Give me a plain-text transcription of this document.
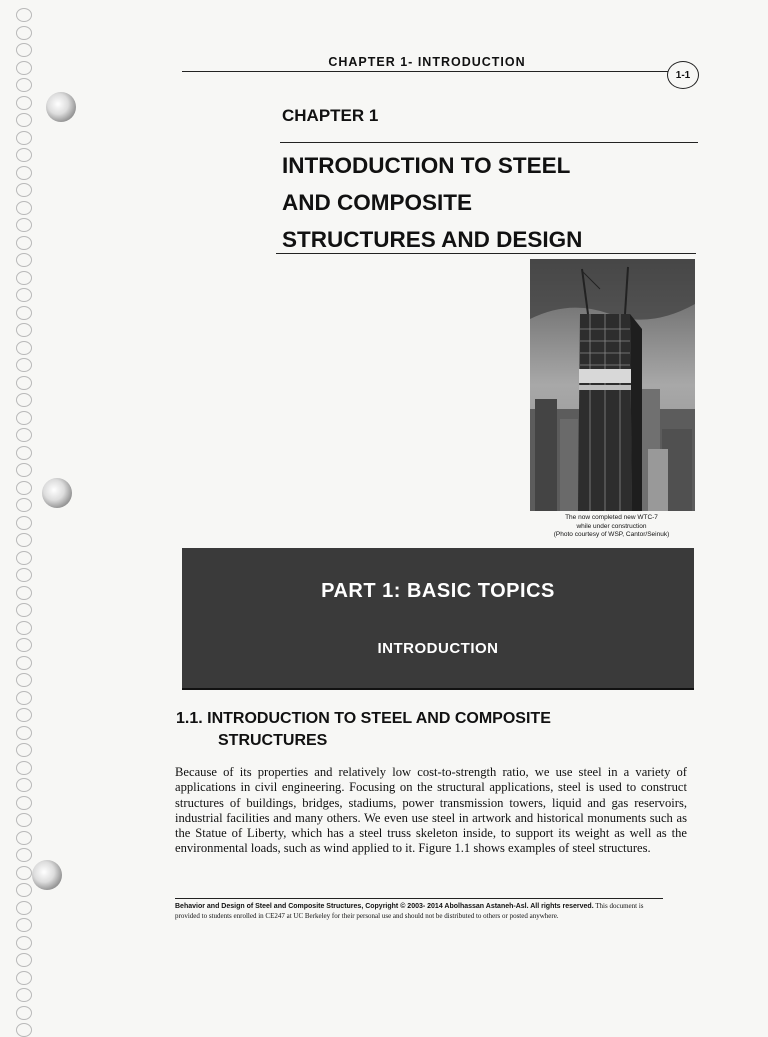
CHAPTER 1- INTRODUCTION
1-1
CHAPTER 1
INTRODUCTION TO STEEL
AND COMPOSITE
STRUCTURES AND DESIGN
The now completed new WTC-7
while under construction
(Photo courtesy of WSP, Cantor/Seinuk)
PART 1: BASIC TOPICS
INTRODUCTION
1.1. INTRODUCTION TO STEEL AND COMPOSITE
STRUCTURES
Because of its properties and relatively low cost-to-strength ratio, we use steel in a variety of applications in civil engineering. Focusing on the structural applications, steel is used to construct structures of buildings, bridges, stadiums, power transmission towers, liquid and gas reservoirs, industrial facilities and many others. We even use steel in artwork and historical monuments such as the Statue of Liberty, which has a steel truss skeleton inside, to support its weight as well as the environmental loads, such as wind applied to it. Figure 1.1 shows examples of steel structures.
Behavior and Design of Steel and Composite Structures, Copyright © 2003- 2014 Abolhassan Astaneh-Asl. All rights reserved. This document is provided to students enrolled in CE247 at UC Berkeley for their personal use and should not be distributed to others or posted anywhere.
